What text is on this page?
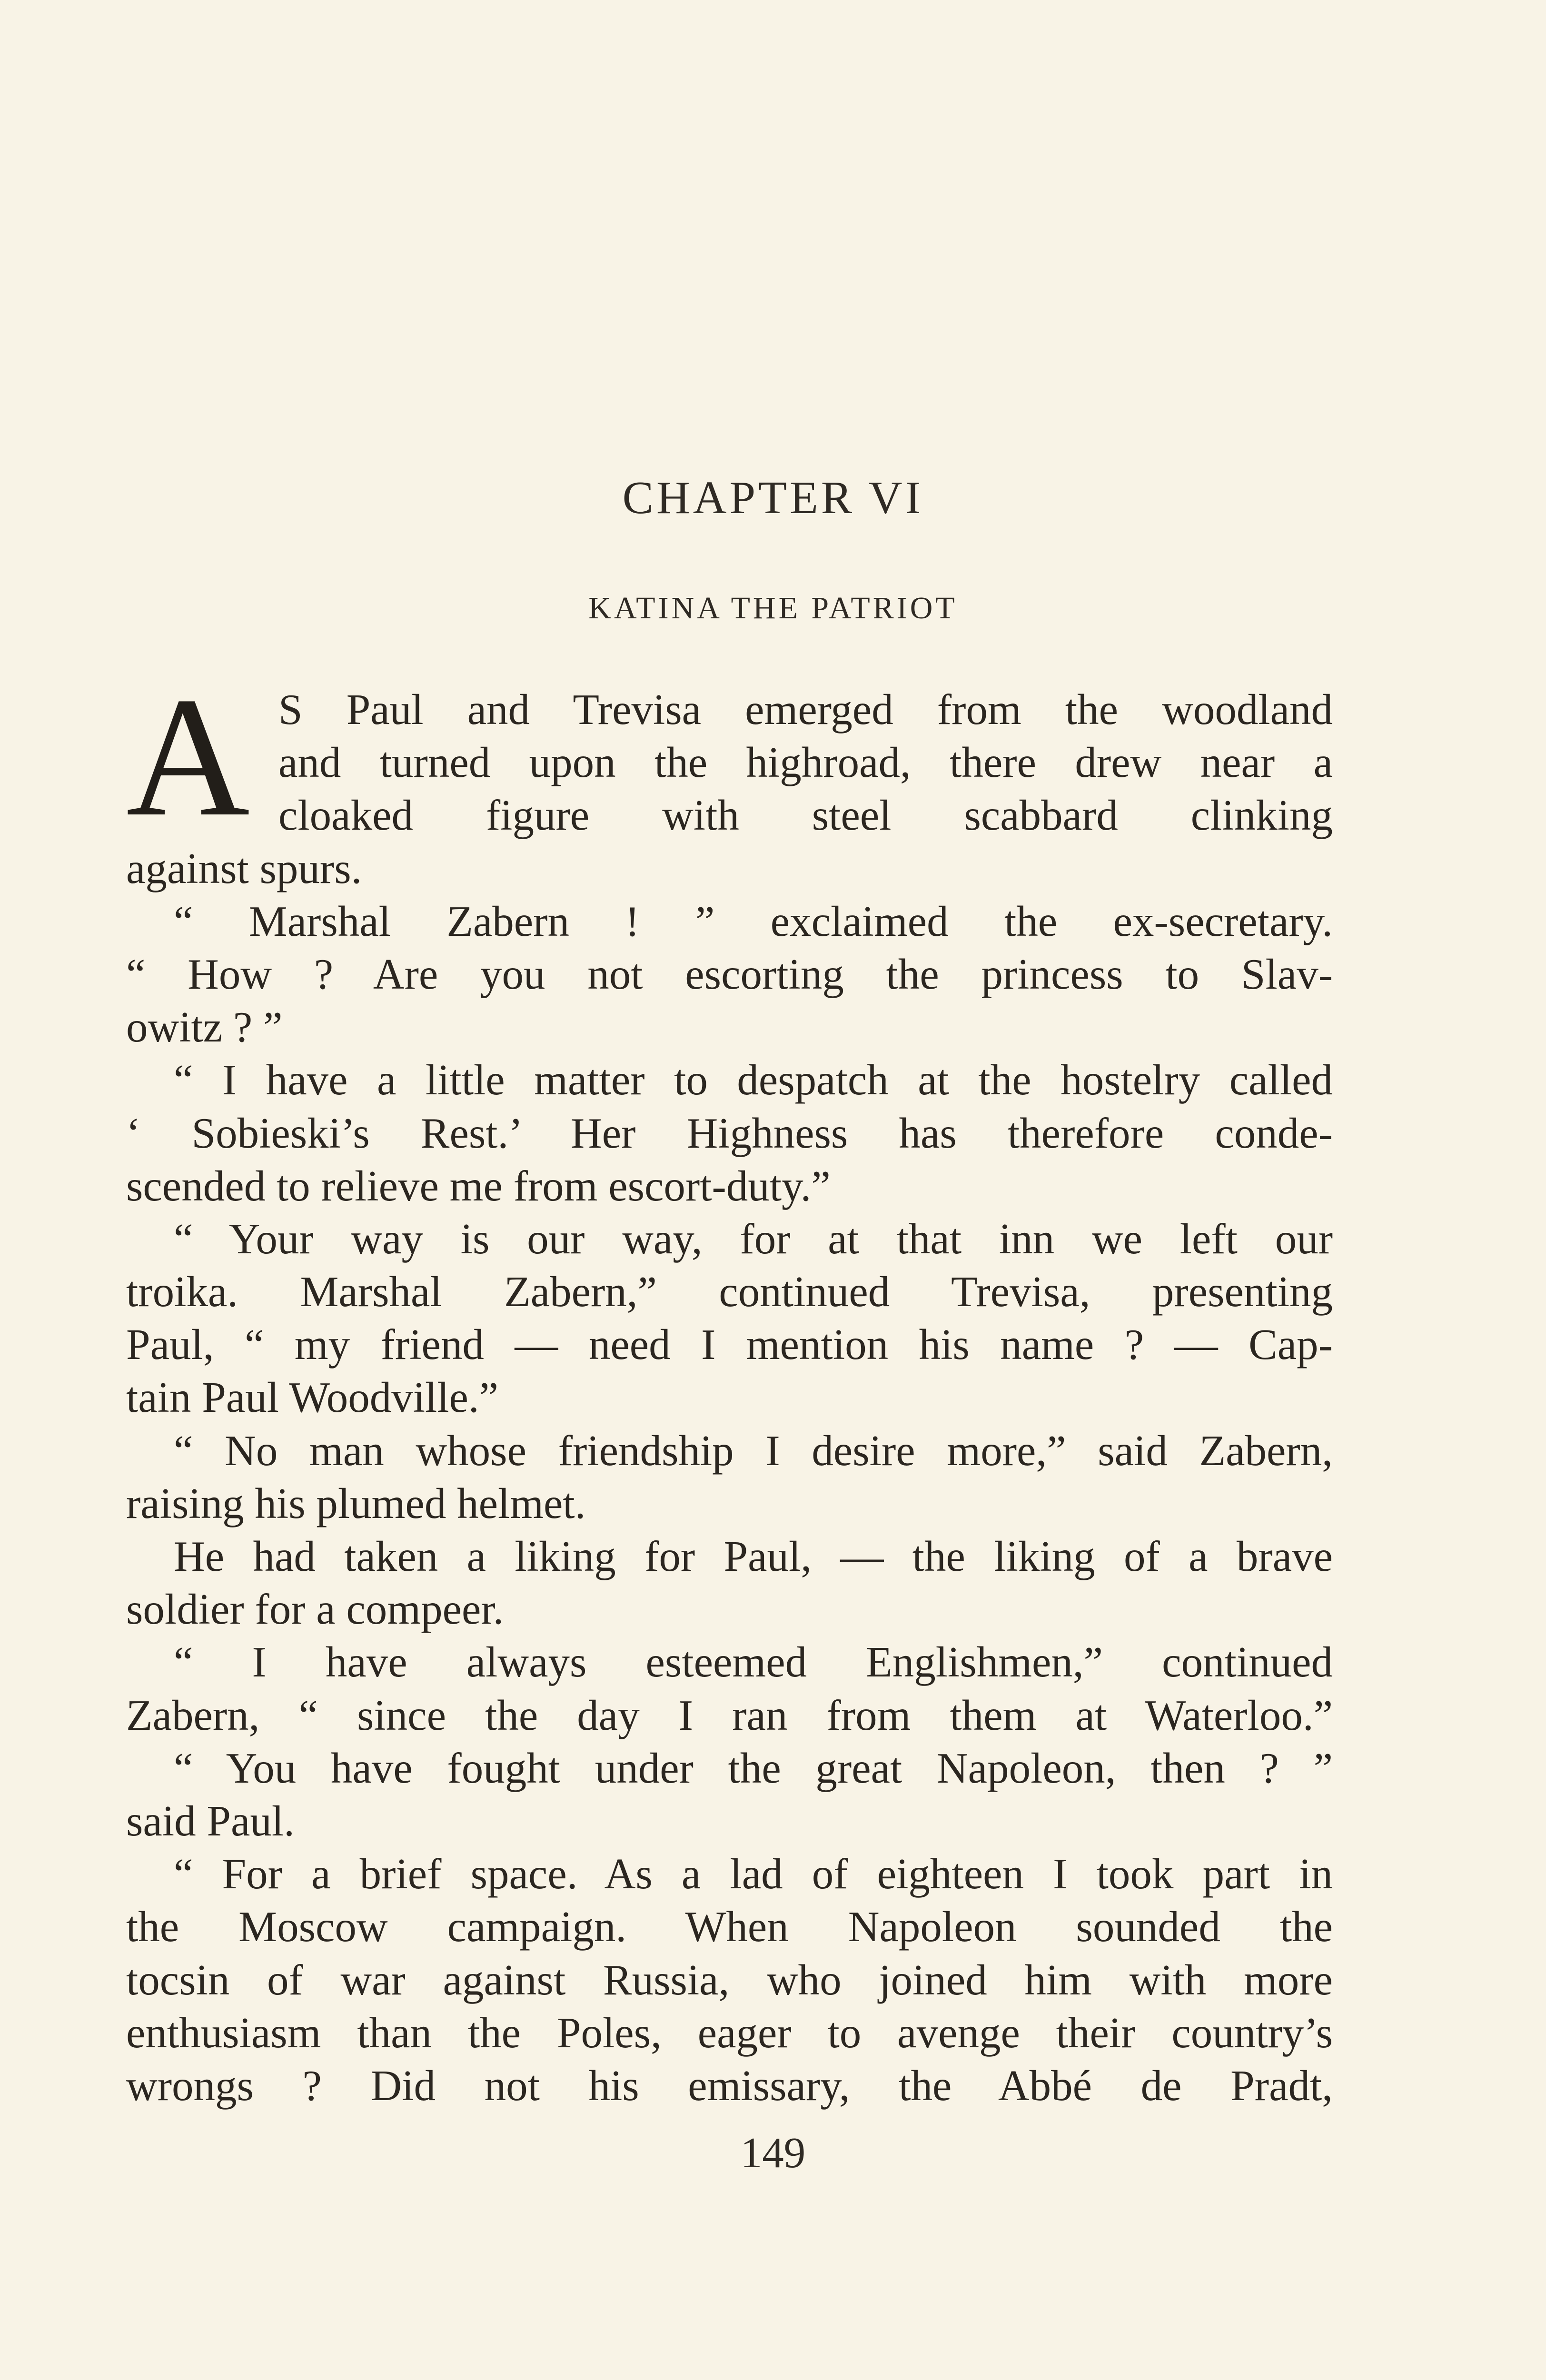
CHAPTER VI
KATINA THE PATRIOT
A S Paul and Trevisa emerged from the woodland
and turned upon the highroad, there drew near a
cloaked figure with steel scabbard clinking
against spurs.
“ Marshal Zabern ! ” exclaimed the ex-secretary.
“ How ? Are you not escorting the princess to Slav-
owitz ? ”
“ I have a little matter to despatch at the hostelry called
‘ Sobieski’s Rest.’ Her Highness has therefore conde-
scended to relieve me from escort-duty.”
“ Your way is our way, for at that inn we left our
troika. Marshal Zabern,” continued Trevisa, presenting
Paul, “ my friend — need I mention his name ? — Cap-
tain Paul Woodville.”
“ No man whose friendship I desire more,” said Zabern,
raising his plumed helmet.
He had taken a liking for Paul, — the liking of a brave
soldier for a compeer.
“ I have always esteemed Englishmen,” continued
Zabern, “ since the day I ran from them at Waterloo.”
“ You have fought under the great Napoleon, then ? ”
said Paul.
“ For a brief space. As a lad of eighteen I took part in
the Moscow campaign. When Napoleon sounded the
tocsin of war against Russia, who joined him with more
enthusiasm than the Poles, eager to avenge their country’s
wrongs ? Did not his emissary, the Abbé de Pradt,
149
